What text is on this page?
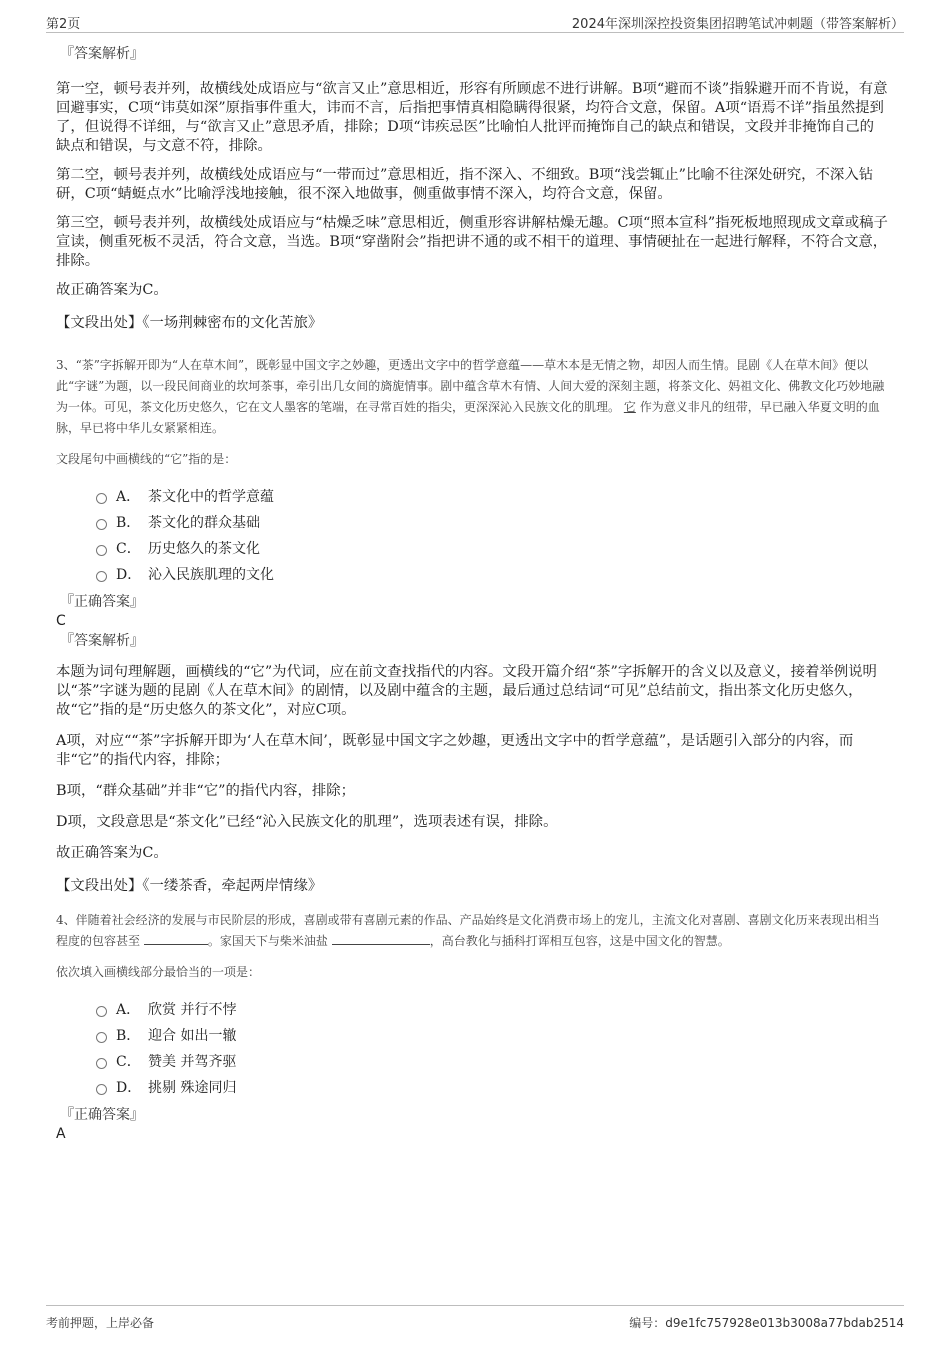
第2页	2024年深圳深控投资集团招聘笔试冲刺题（带答案解析）

『答案解析』

第一空，顿号表并列，故横线处成语应与“欲言又止”意思相近，形容有所顾虑不进行讲解。B项“避而不谈”指躲避开而不肯说，有意回避事实，C项“讳莫如深”原指事件重大，讳而不言，后指把事情真相隐瞒得很紧，均符合文意，保留。A项“语焉不详”指虽然提到了，但说得不详细，与“欲言又止”意思矛盾，排除；D项“讳疾忌医”比喻怕人批评而掩饰自己的缺点和错误，文段并非掩饰自己的缺点和错误，与文意不符，排除。

第二空，顿号表并列，故横线处成语应与“一带而过”意思相近，指不深入、不细致。B项“浅尝辄止”比喻不往深处研究，不深入钻研，C项“蜻蜓点水”比喻浮浅地接触，很不深入地做事，侧重做事情不深入，均符合文意，保留。

第三空，顿号表并列，故横线处成语应与“枯燥乏味”意思相近，侧重形容讲解枯燥无趣。C项“照本宣科”指死板地照现成文章或稿子宣读，侧重死板不灵活，符合文意，当选。B项“穿凿附会”指把讲不通的或不相干的道理、事情硬扯在一起进行解释，不符合文意，排除。

故正确答案为C。

【文段出处】《一场荆棘密布的文化苦旅》

3、“茶”字拆解开即为“人在草木间”，既彰显中国文字之妙趣，更透出文字中的哲学意蕴——草木本是无情之物，却因人而生情。昆剧《人在草木间》便以此“字谜”为题，以一段民间商业的坎坷茶事，牵引出几女间的旖旎情事。剧中蕴含草木有情、人间大爱的深刻主题，将茶文化、妈祖文化、佛教文化巧妙地融为一体。可见，茶文化历史悠久，它在文人墨客的笔端，在寻常百姓的指尖，更深深沁入民族文化的肌理。 它 作为意义非凡的纽带，早已融入华夏文明的血脉，早已将中华儿女紧紧相连。

文段尾句中画横线的“它”指的是：

A． 茶文化中的哲学意蕴
B． 茶文化的群众基础
C． 历史悠久的茶文化
D． 沁入民族肌理的文化

『正确答案』

C

『答案解析』

本题为词句理解题，画横线的“它”为代词，应在前文查找指代的内容。文段开篇介绍“茶”字拆解开的含义以及意义，接着举例说明以“茶”字谜为题的昆剧《人在草木间》的剧情，以及剧中蕴含的主题，最后通过总结词“可见”总结前文，指出茶文化历史悠久，故“它”指的是“历史悠久的茶文化”，对应C项。

A项，对应““茶”字拆解开即为‘人在草木间’，既彰显中国文字之妙趣，更透出文字中的哲学意蕴”，是话题引入部分的内容，而非“它”的指代内容，排除；

B项，“群众基础”并非“它”的指代内容，排除；

D项，文段意思是“茶文化”已经“沁入民族文化的肌理”，选项表述有误，排除。

故正确答案为C。

【文段出处】《一缕茶香，牵起两岸情缘》

4、伴随着社会经济的发展与市民阶层的形成，喜剧或带有喜剧元素的作品、产品始终是文化消费市场上的宠儿，主流文化对喜剧、喜剧文化历来表现出相当程度的包容甚至	。家国天下与柴米油盐	，高台教化与插科打诨相互包容，这是中国文化的智慧。

依次填入画横线部分最恰当的一项是：

A． 欣赏 并行不悖
B． 迎合 如出一辙
C． 赞美 并驾齐驱
D． 挑剔 殊途同归

『正确答案』

A

考前押题，上岸必备	编号：d9e1fc757928e013b3008a77bdab2514
